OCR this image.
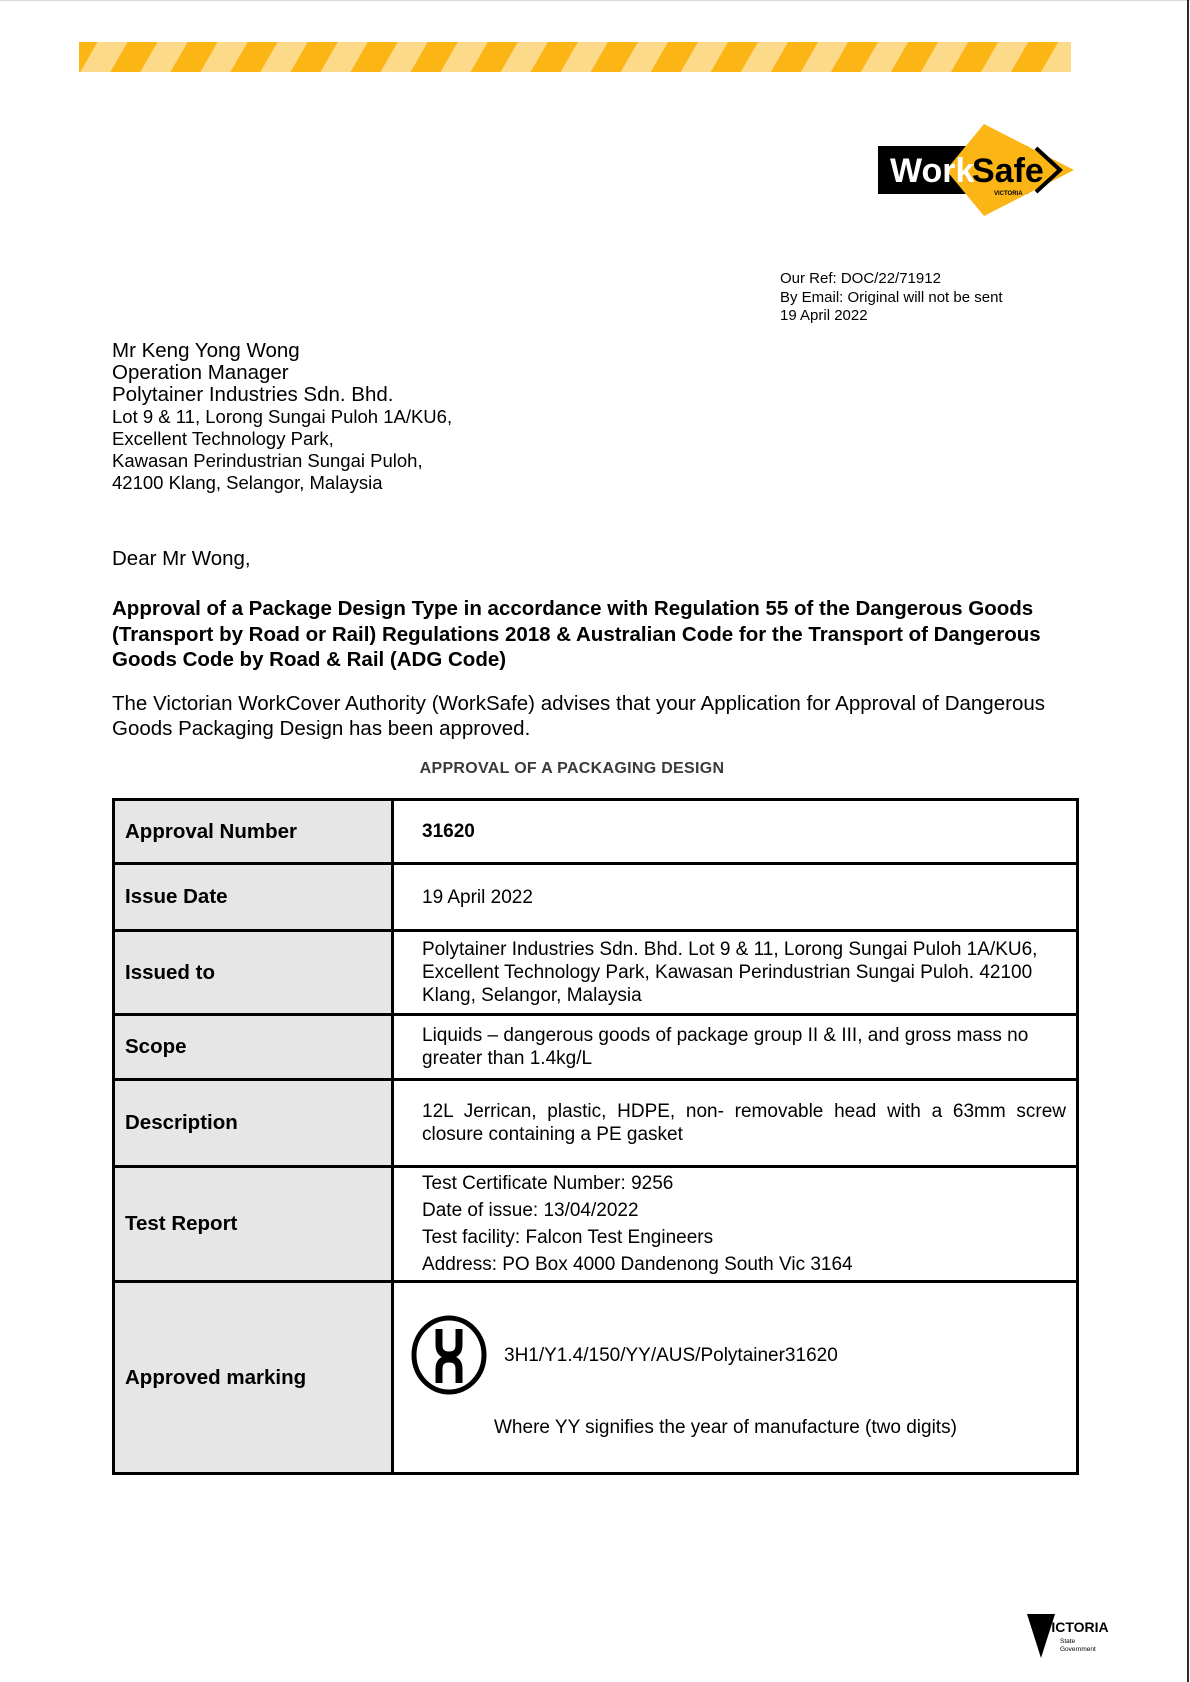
Work
Safe
VICTORIA
Our Ref: DOC/22/71912
By Email: Original will not be sent
19 April 2022
Mr Keng Yong Wong
Operation Manager
Polytainer Industries Sdn. Bhd.
Lot 9 & 11, Lorong Sungai Puloh 1A/KU6,
Excellent Technology Park,
Kawasan Perindustrian Sungai Puloh,
42100 Klang, Selangor, Malaysia
Dear Mr Wong,
Approval of a Package Design Type in accordance with Regulation 55 of the Dangerous Goods (Transport by Road or Rail) Regulations 2018 & Australian Code for the Transport of Dangerous Goods Code by Road & Rail (ADG Code)
The Victorian WorkCover Authority (WorkSafe) advises that your Application for Approval of Dangerous Goods Packaging Design has been approved.
APPROVAL OF A PACKAGING DESIGN
Approval Number	31620
Issue Date	19 April 2022
Issued to	Polytainer Industries Sdn. Bhd. Lot 9 & 11, Lorong Sungai Puloh 1A/KU6, Excellent Technology Park, Kawasan Perindustrian Sungai Puloh. 42100 Klang, Selangor, Malaysia

Scope	Liquids – dangerous goods of package group II & III, and gross mass no greater than 1.4kg/L

Description	12L Jerrican, plastic, HDPE, non- removable head with a 63mm screw closure containing a PE gasket

Test Report	Test Certificate Number: 9256
Date of issue: 13/04/2022
Test facility: Falcon Test Engineers
Address: PO Box 4000 Dandenong South Vic 3164

Approved marking	3H1/Y1.4/150/YY/AUS/Polytainer31620
Where YY signifies the year of manufacture (two digits)
VICTORIA
State
Government
